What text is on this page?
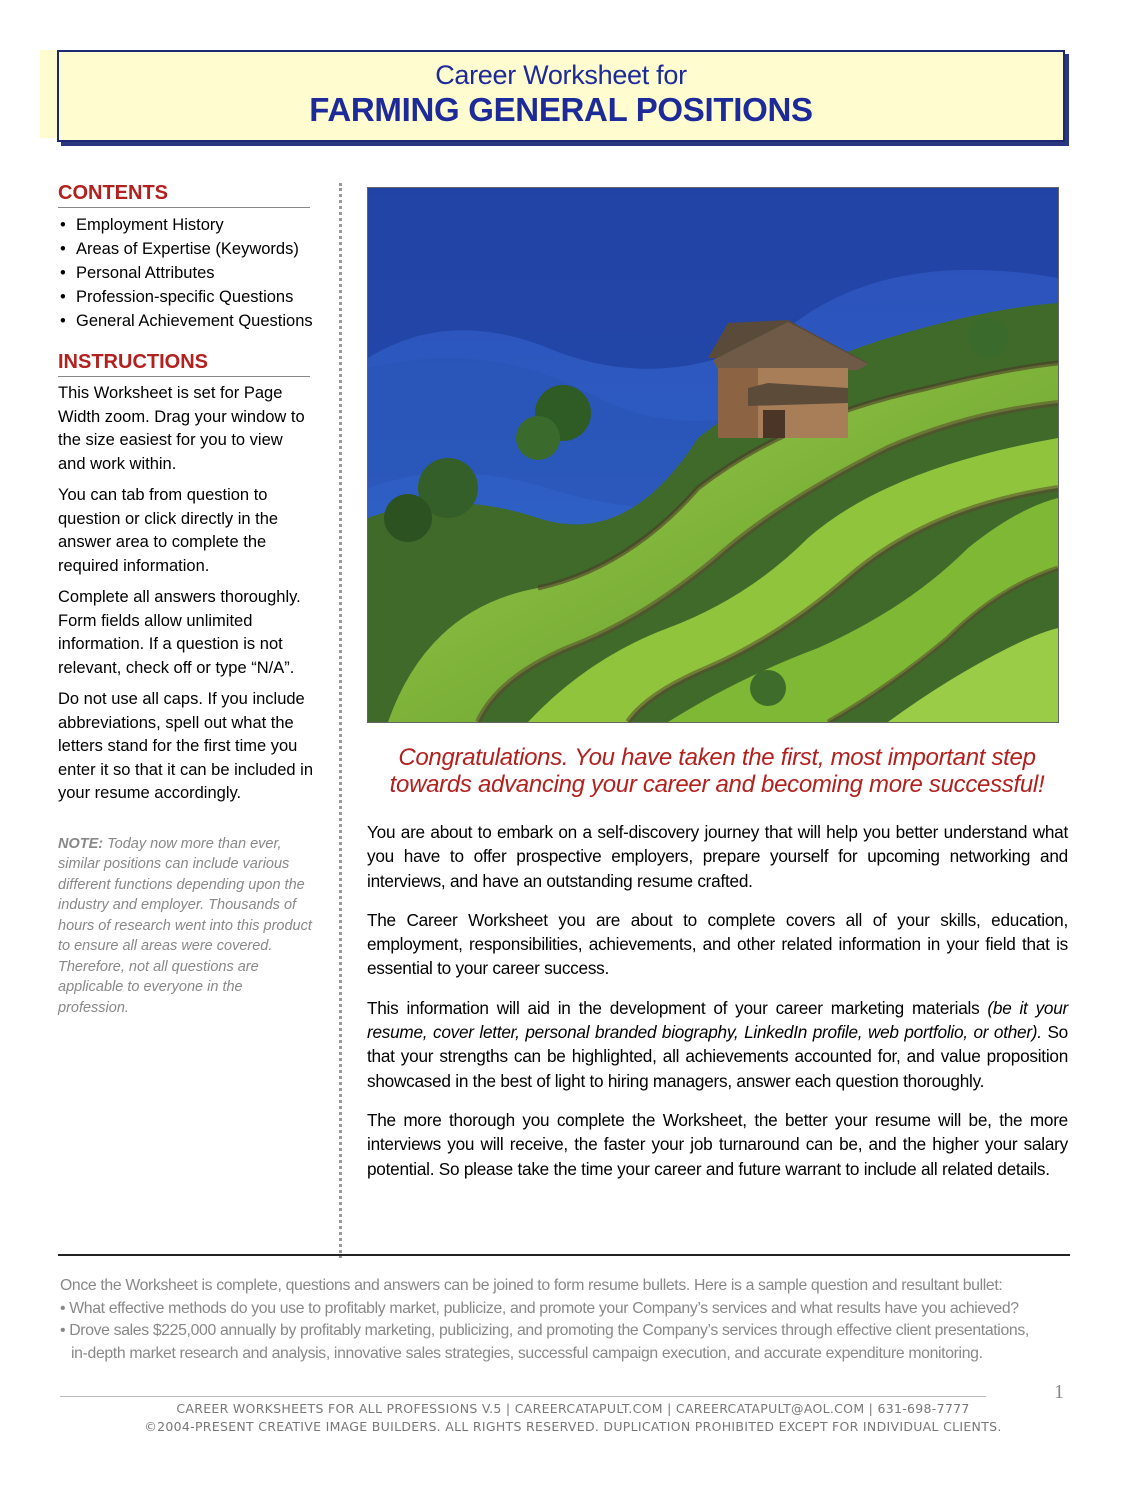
Career Worksheet for
FARMING GENERAL POSITIONS
CONTENTS
• Employment History
• Areas of Expertise (Keywords)
• Personal Attributes
• Profession-specific Questions
• General Achievement Questions
INSTRUCTIONS

This Worksheet is set for Page Width zoom. Drag your window to the size easiest for you to view and work within.

You can tab from question to question or click directly in the answer area to complete the required information.

Complete all answers thoroughly. Form fields allow unlimited information. If a question is not relevant, check off or type “N/A”.

Do not use all caps. If you include abbreviations, spell out what the letters stand for the first time you enter it so that it can be included in your resume accordingly.

NOTE: Today now more than ever, similar positions can include various different functions depending upon the industry and employer. Thousands of hours of research went into this product to ensure all areas were covered. Therefore, not all questions are applicable to everyone in the profession.
Congratulations. You have taken the first, most important step
towards advancing your career and becoming more successful!

You are about to embark on a self-discovery journey that will help you better understand what you have to offer prospective employers, prepare yourself for upcoming networking and interviews, and have an outstanding resume crafted.

The Career Worksheet you are about to complete covers all of your skills, education, employment, responsibilities, achievements, and other related information in your field that is essential to your career success.

This information will aid in the development of your career marketing materials (be it your resume, cover letter, personal branded biography, LinkedIn profile, web portfolio, or other). So that your strengths can be highlighted, all achievements accounted for, and value proposition showcased in the best of light to hiring managers, answer each question thoroughly.

The more thorough you complete the Worksheet, the better your resume will be, the more interviews you will receive, the faster your job turnaround can be, and the higher your salary potential. So please take the time your career and future warrant to include all related details.

Once the Worksheet is complete, questions and answers can be joined to form resume bullets. Here is a sample question and resultant bullet:
• What effective methods do you use to profitably market, publicize, and promote your Company’s services and what results have you achieved?
• Drove sales $225,000 annually by profitably marketing, publicizing, and promoting the Company’s services through effective client presentations,
in-depth market research and analysis, innovative sales strategies, successful campaign execution, and accurate expenditure monitoring.
1
CAREER WORKSHEETS FOR ALL PROFESSIONS V.5 | CAREERCATAPULT.COM | CAREERCATAPULT@AOL.COM | 631-698-7777
©2004-PRESENT CREATIVE IMAGE BUILDERS. ALL RIGHTS RESERVED. DUPLICATION PROHIBITED EXCEPT FOR INDIVIDUAL CLIENTS.
